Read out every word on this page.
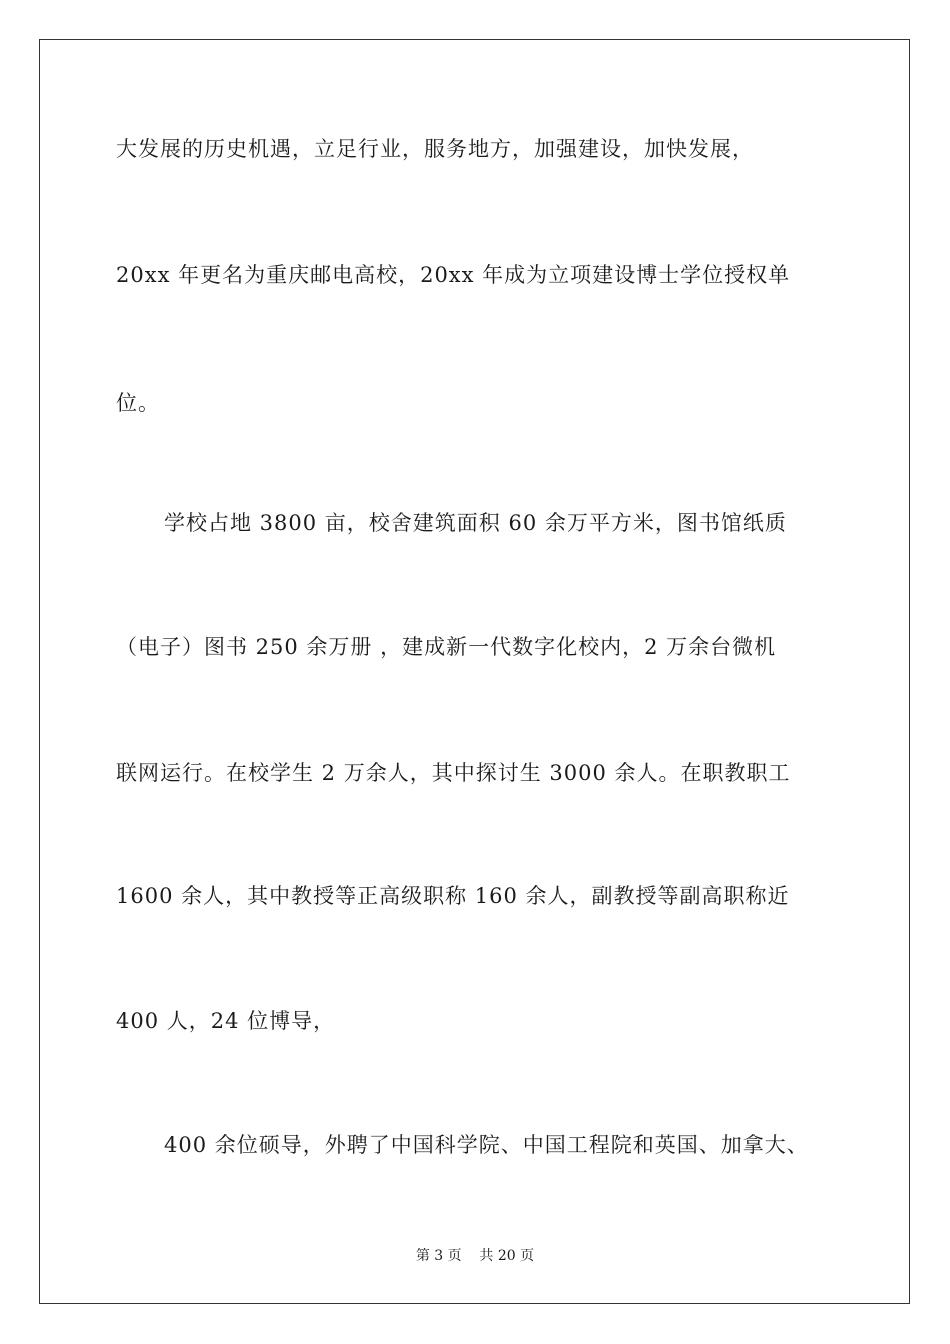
大发展的历史机遇，立足行业，服务地方，加强建设，加快发展，
20xx 年更名为重庆邮电高校，20xx 年成为立项建设博士学位授权单
位。
学校占地 3800 亩，校舍建筑面积 60 余万平方米，图书馆纸质
（电子）图书 250 余万册 ，建成新一代数字化校内，2 万余台微机
联网运行。在校学生 2 万余人，其中探讨生 3000 余人。在职教职工
1600 余人，其中教授等正高级职称 160 余人，副教授等副高职称近
400 人，24 位博导，
400 余位硕导，外聘了中国科学院、中国工程院和英国、加拿大、
第 3 页    共 20 页
